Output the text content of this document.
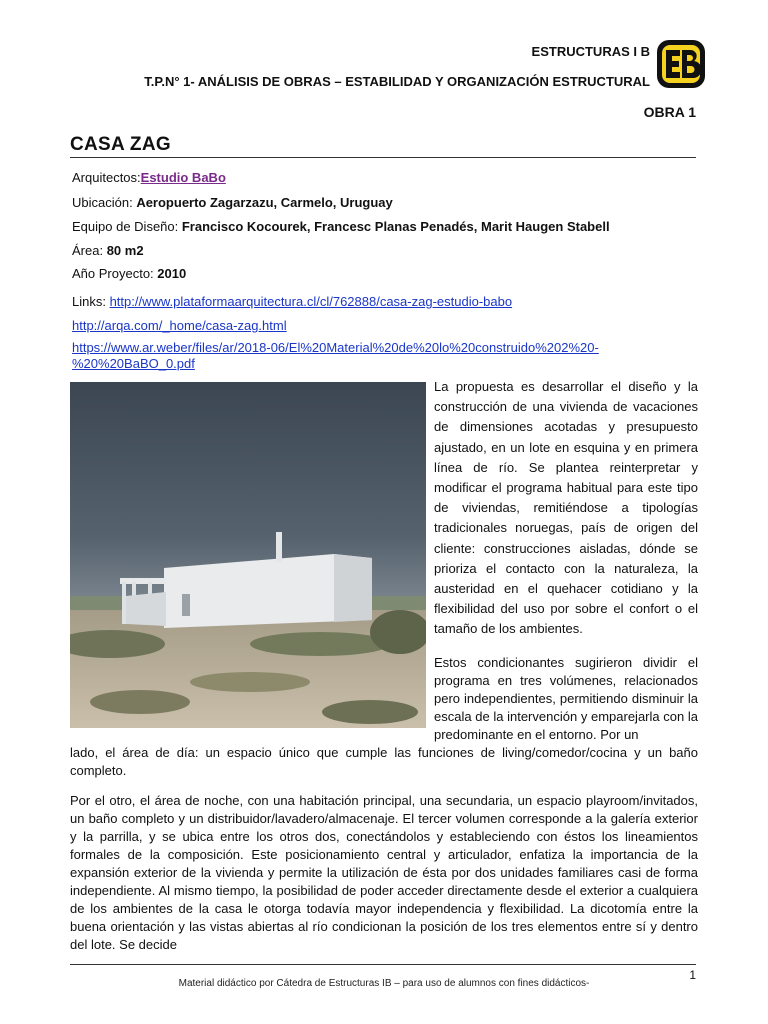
ESTRUCTURAS I B
T.P.N° 1- ANÁLISIS DE OBRAS – ESTABILIDAD Y ORGANIZACIÓN ESTRUCTURAL
OBRA 1
CASA ZAG
Arquitectos:Estudio BaBo
Ubicación: Aeropuerto Zagarzazu, Carmelo, Uruguay
Equipo de Diseño: Francisco Kocourek, Francesc Planas Penadés, Marit Haugen Stabell
Área: 80 m2
Año Proyecto: 2010
Links: http://www.plataformaarquitectura.cl/cl/762888/casa-zag-estudio-babo
http://arqa.com/_home/casa-zag.html
https://www.ar.weber/files/ar/2018-06/El%20Material%20de%20lo%20construido%202%20-
%20%20BaBO_0.pdf
La propuesta es desarrollar el diseño y la construcción de una vivienda de vacaciones de dimensiones acotadas y presupuesto ajustado, en un lote en esquina y en primera línea de río. Se plantea reinterpretar y modificar el programa habitual para este tipo de viviendas, remitiéndose a tipologías tradicionales noruegas, país de origen del cliente: construcciones aisladas, dónde se prioriza el contacto con la naturaleza, la austeridad en el quehacer cotidiano y la flexibilidad del uso por sobre el confort o el tamaño de los ambientes.
Estos condicionantes sugirieron dividir el programa en tres volúmenes, relacionados pero independientes, permitiendo disminuir la escala de la intervención y emparejarla con la predominante en el entorno. Por un
lado, el área de día: un espacio único que cumple las funciones de living/comedor/cocina y un baño completo.
Por el otro, el área de noche, con una habitación principal, una secundaria, un espacio playroom/invitados, un baño completo y un distribuidor/lavadero/almacenaje. El tercer volumen corresponde a la galería exterior y la parrilla, y se ubica entre los otros dos, conectándolos y estableciendo con éstos los lineamientos formales de la composición. Este posicionamiento central y articulador, enfatiza la importancia de la expansión exterior de la vivienda y permite la utilización de ésta por dos unidades familiares casi de forma independiente. Al mismo tiempo, la posibilidad de poder acceder directamente desde el exterior a cualquiera de los ambientes de la casa le otorga todavía mayor independencia y flexibilidad. La dicotomía entre la buena orientación y las vistas abiertas al río condicionan la posición de los tres elementos entre sí y dentro del lote. Se decide
1
Material didáctico por Cátedra de Estructuras IB – para uso de alumnos con fines didácticos-
